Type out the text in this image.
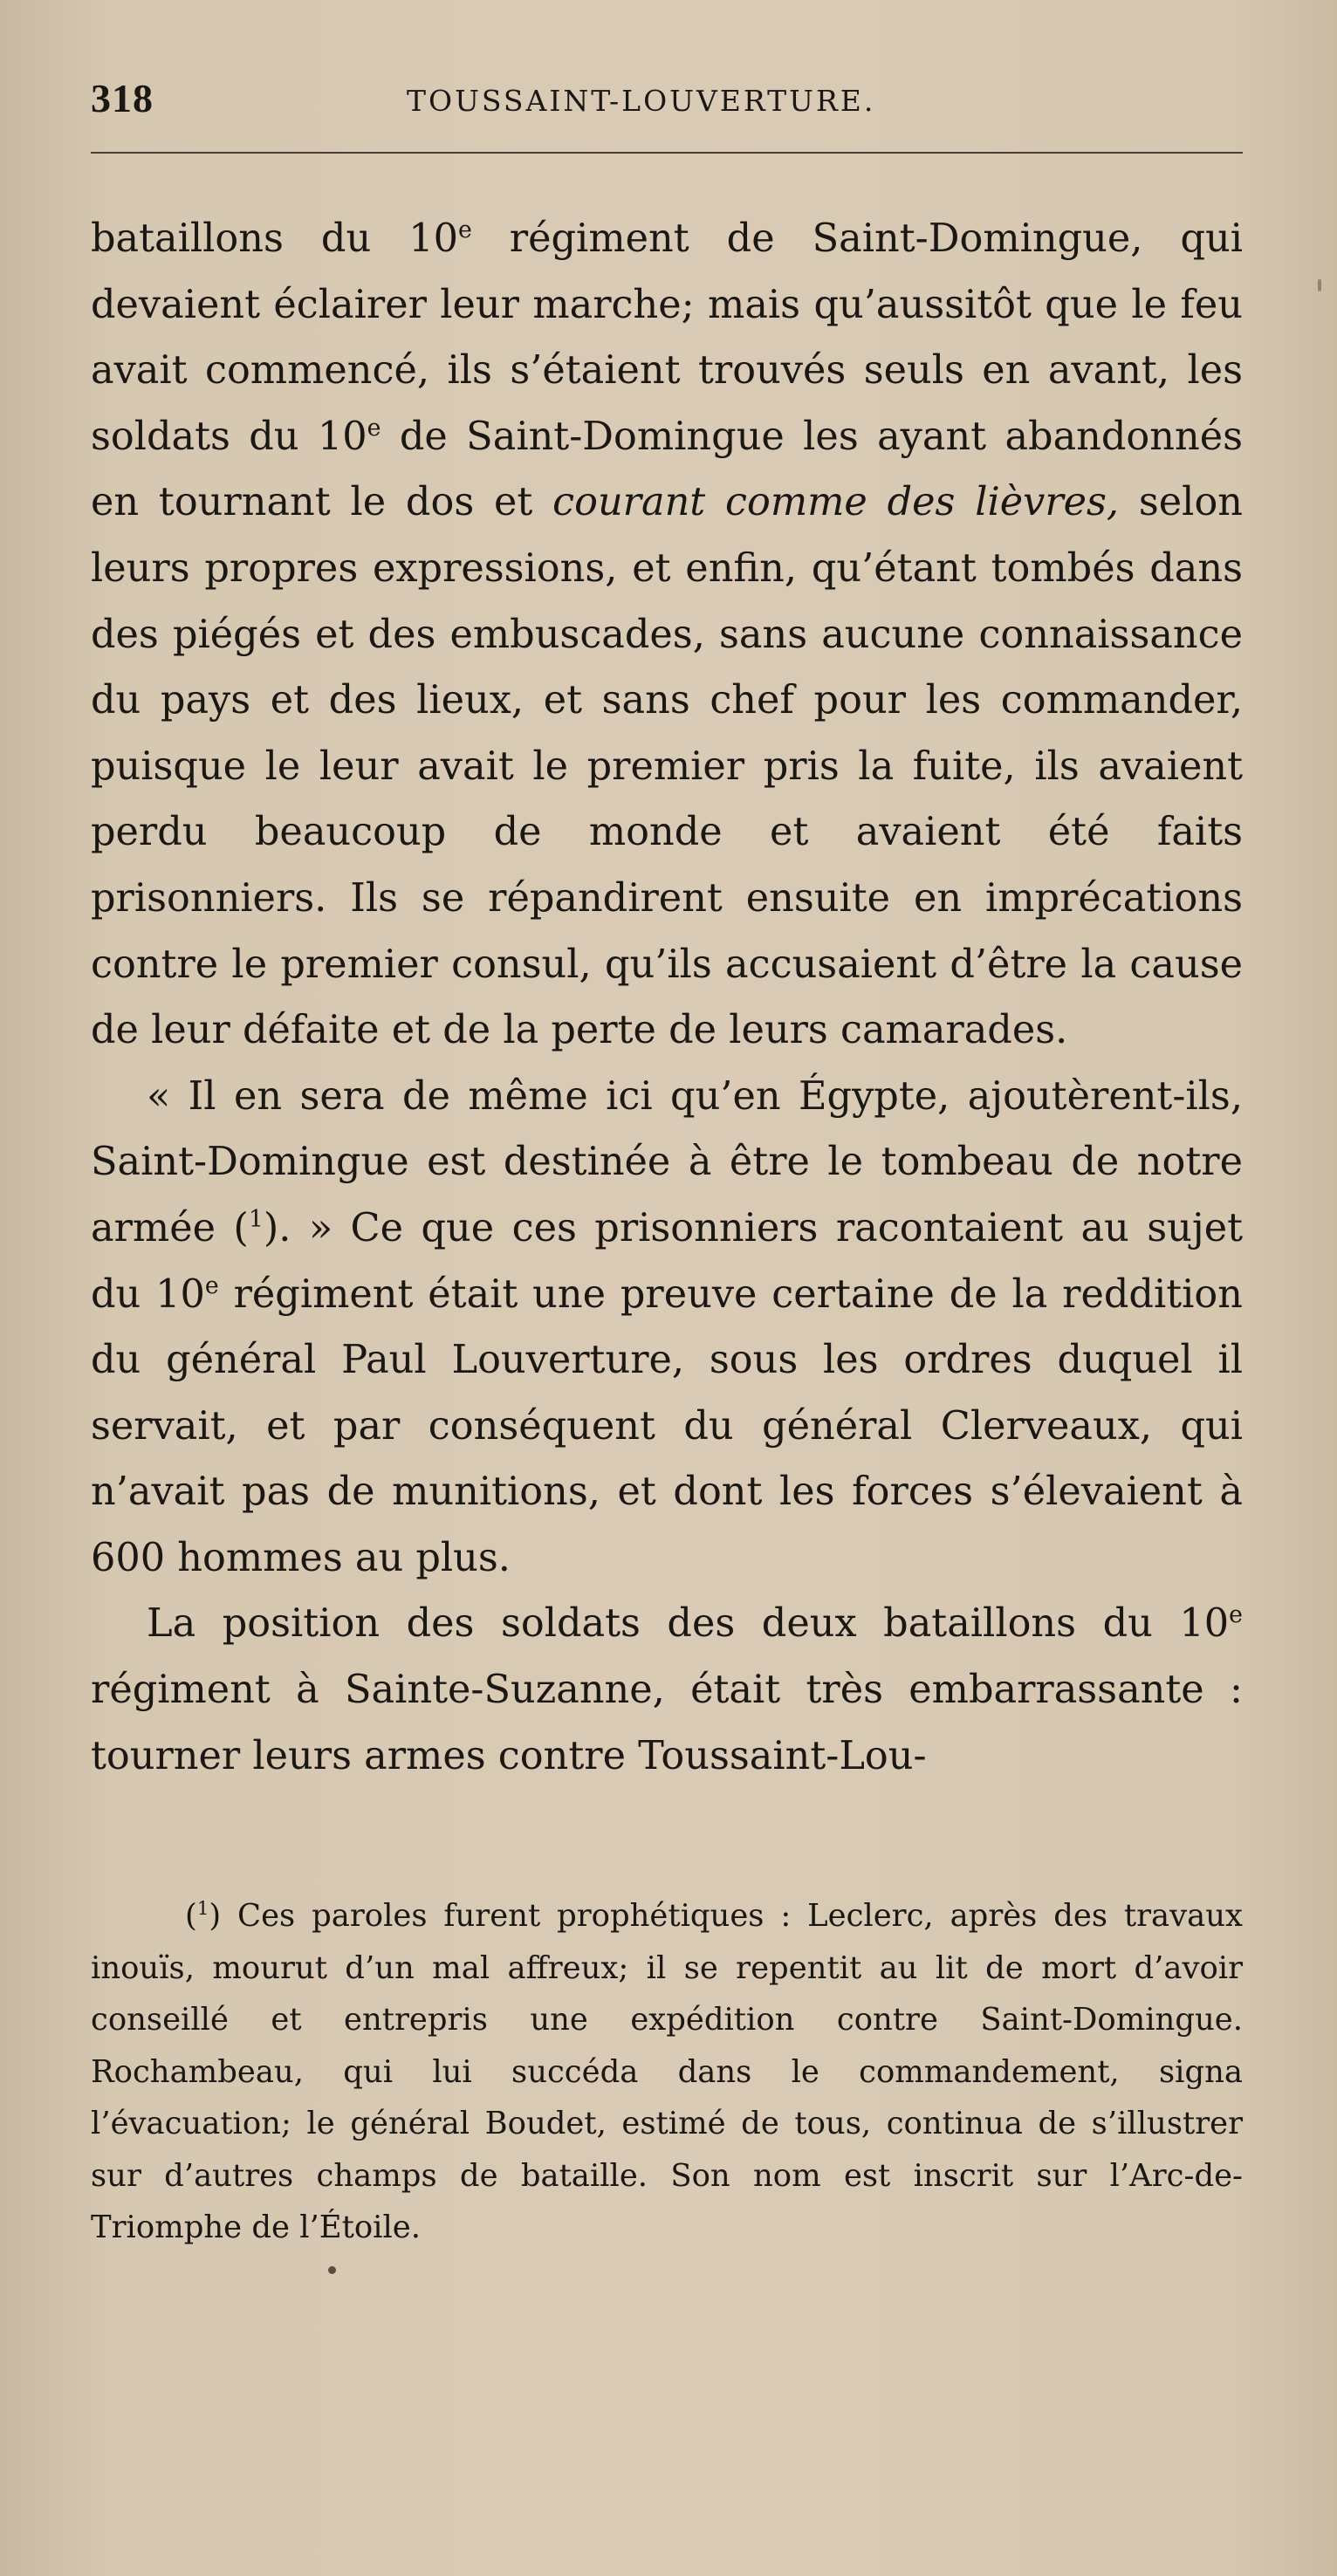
318	TOUSSAINT-LOUVERTURE.

bataillons du 10e régiment de Saint-Domingue, qui devaient éclairer leur marche; mais qu’aussitôt que le feu avait commencé, ils s’étaient trouvés seuls en avant, les soldats du 10e de Saint-Domingue les ayant abandonnés en tournant le dos et courant comme des lièvres, selon leurs propres expressions, et enfin, qu’étant tombés dans des piégés et des embuscades, sans aucune connaissance du pays et des lieux, et sans chef pour les commander, puisque le leur avait le premier pris la fuite, ils avaient perdu beaucoup de monde et avaient été faits prisonniers. Ils se répandirent ensuite en imprécations contre le premier consul, qu’ils accusaient d’être la cause de leur défaite et de la perte de leurs camarades.

« Il en sera de même ici qu’en Égypte, ajoutèrent-ils, Saint-Domingue est destinée à être le tombeau de notre armée ($^1$). » Ce que ces prisonniers racontaient au sujet du 10e régiment était une preuve certaine de la reddition du général Paul Louverture, sous les ordres duquel il servait, et par conséquent du général Clerveaux, qui n’avait pas de munitions, et dont les forces s’élevaient à 600 hommes au plus.

La position des soldats des deux bataillons du 10e régiment à Sainte-Suzanne, était très embarrassante : tourner leurs armes contre Toussaint-Lou-

($^1$) Ces paroles furent prophétiques : Leclerc, après des travaux inouïs, mourut d’un mal affreux; il se repentit au lit de mort d’avoir conseillé et entrepris une expédition contre Saint-Domingue. Rochambeau, qui lui succéda dans le commandement, signa l’évacuation; le général Boudet, estimé de tous, continua de s’illustrer sur d’autres champs de bataille. Son nom est inscrit sur l’Arc-de-Triomphe de l’Étoile.
